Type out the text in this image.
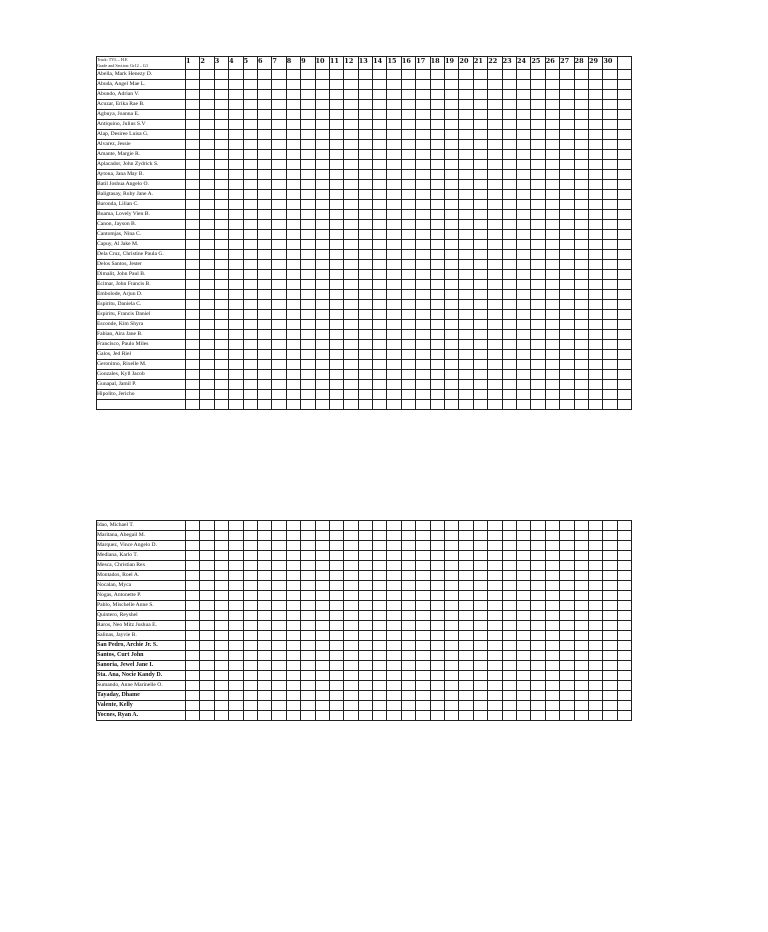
Track: TVL – H.E
Grade and Section: Gr12 – G1	1	2	3	4	5	6	7	8	9	10	11	12	13	14	15	16	17	18	19	20	21	22	23	24	25	26	27	28	29	30	
Abella, Mark Henezy D.																															
Abuda, Angel Mae L.																															
Abundo, Adrian V.																															
Acuzar, Erika Rae B.																															
Agbuya, Joanna E.																															
Antiquino, Julius S.V																															
Alap, Desiree Luisa G.																															
Alvarez, Jessie																															
Amante, Margie R.																															
Aplacador, John Zydrick S.																															
Aytona, Jana May B.																															
Batil Joshua Angelo O.																															
Baligtasay, Ruby Jane A.																															
Baronda, Lilian C.																															
Buama, Lovely Vien B.																															
Canon, Jayson B.																															
Cantomjas, Nina C.																															
Capuy, Al Jake M.																															
Dela Cruz, Christine Paula G.																															
Delos Santos, Jester																															
Dimalit, John Paul B.																															
Ecimar, John Francis B.																															
Embolode, Arjun D.																															
Espiritu, Daniela C.																															
Espiritu, Francis Daniel																															
Esconde, Kim Shyra																															
Fabian, Aira Jane B.																															
Francisco, Paulo Miles																															
Galos, Jed Riel																															
Geronimo, Rixelle M.																															
Gonzales, Kyll Jacob																															
Gunapal, Jamil P.																															
Hipolito, Jericho																															

Idao, Michael T.																															
Maritana, Abegail M.																															
Marquez, Vince Angelo D.																															
Mediana, Karlo T.																															
Mesca, Christian Rex																															
Montados, Roel A.																															
Nocalan, Myca																															
Nogas, Antonette P.																															
Pablo, Mischelle Anne S.																															
Quintero, Reyshel																															
Raros, Neo Mitz Jushua E.																															
Salinas, Jayvie B.																															
San Pedro, Archie Jr. S.																															
Santos, Curt John																															
Sanoria, Jewel Jane I.																															
Sta. Ana, Nocie Kandy D.																															
Sumando, Anne Marinelle O.																															
Tayaday, Dhame																															
Valente, Kelly																															
Yocnes, Ryan A.																															
